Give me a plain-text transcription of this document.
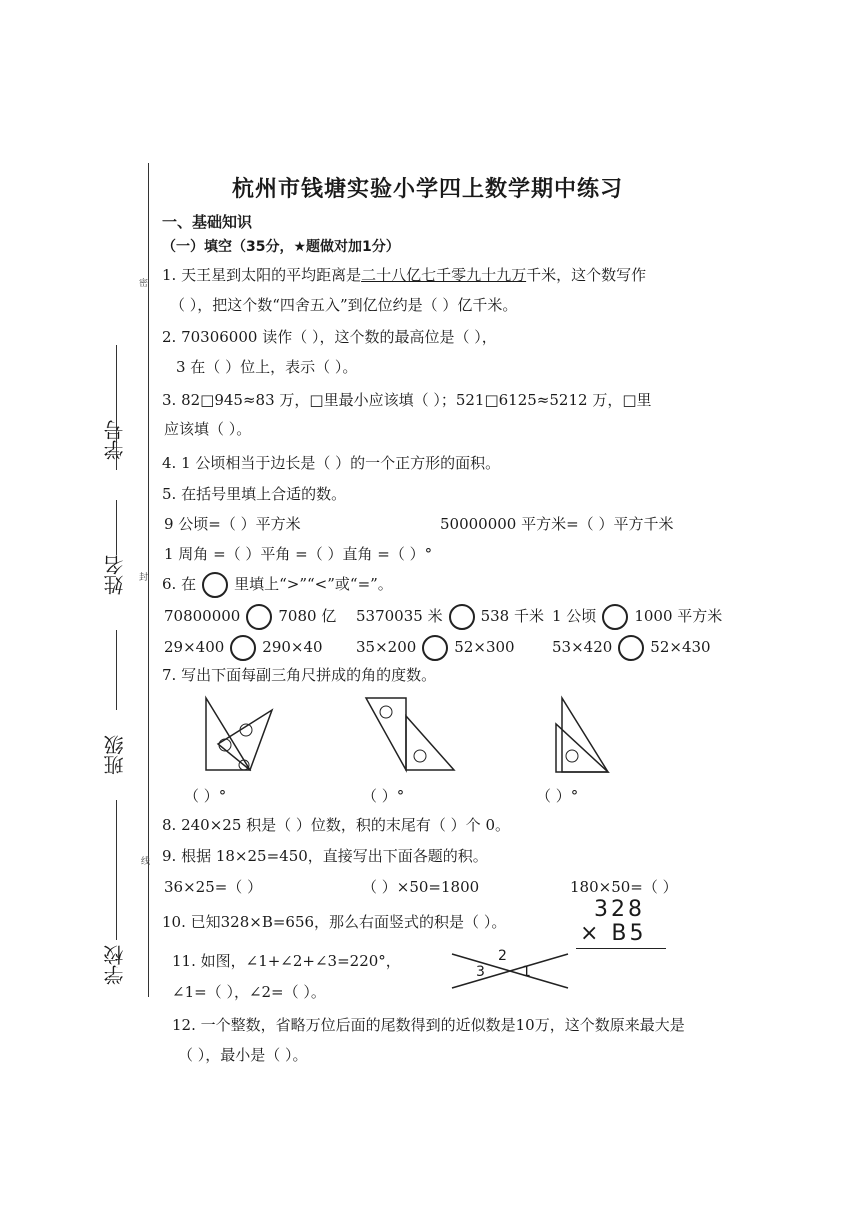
密
封
线
学号
姓名
班级
学校
杭州市钱塘实验小学四上数学期中练习
一、基础知识
（一）填空（35分，★题做对加1分）
1. 天王星到太阳的平均距离是二十八亿七千零九十九万千米，这个数写作
（ ），把这个数“四舍五入”到亿位约是（ ）亿千米。
2. 70306000 读作（ ），这个数的最高位是（ ），
3 在（ ）位上，表示（ ）。
3. 82□945≈83 万，□里最小应该填（ ）；521□6125≈5212 万，□里
应该填（ ）。
4. 1 公顷相当于边长是（ ）的一个正方形的面积。
5. 在括号里填上合适的数。
9 公顷=（ ）平方米	50000000 平方米=（ ）平方千米
1 周角 =（ ）平角 =（ ）直角 =（ ）°
6. 在	里填上“>”“<”或“=”。
70800000	7080 亿 5370035 米	538 千米 1 公顷	1000 平方米
29×400	290×40 35×200	52×300 53×420	52×430
7. 写出下面每副三角尺拼成的角的度数。
（ ）°	（ ）°	（ ）°
8. 240×25 积是（ ）位数，积的末尾有（ ）个 0。
9. 根据 18×25=450，直接写出下面各题的积。
36×25=（ ）	（ ）×50=1800	180×50=（ ）
10. 已知328×B=656，那么右面竖式的积是（ ）。	328
× B5
11. 如图，∠1+∠2+∠3=220°，
∠1=（ ），∠2=（ ）。
2
3	1
12. 一个整数，省略万位后面的尾数得到的近似数是10万，这个数原来最大是
（ ），最小是（ ）。
